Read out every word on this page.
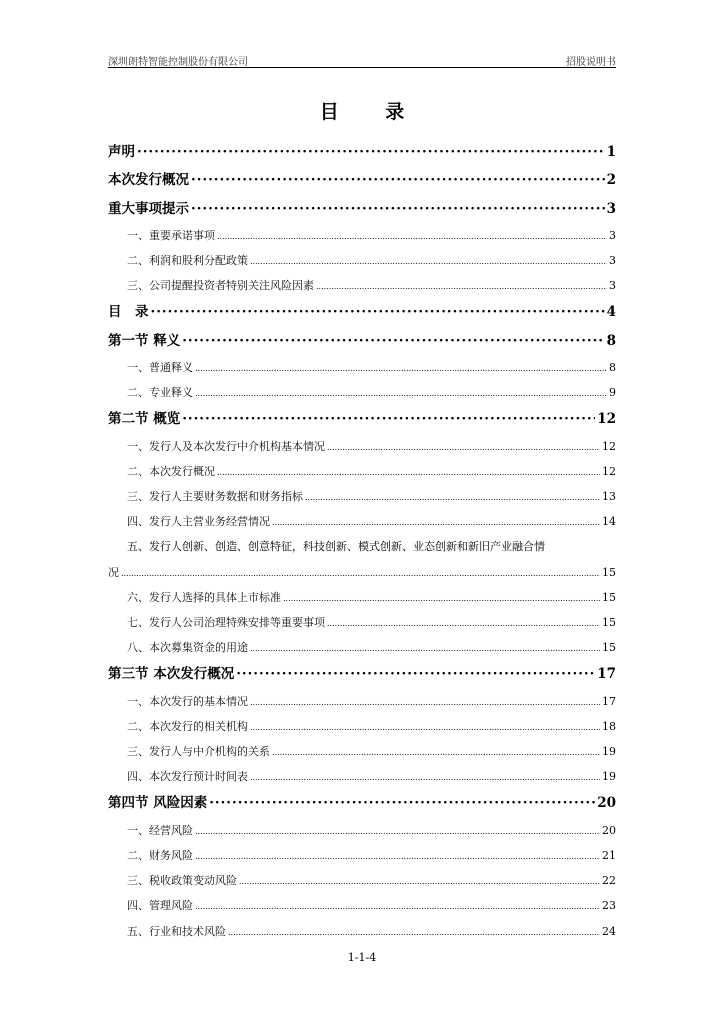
深圳朗特智能控制股份有限公司	招股说明书
目 录
声明 ·····	1
本次发行概况 ·····	2
重大事项提示 ·····	3
一、重要承诺事项 .....	3
二、利润和股利分配政策 .....	3
三、公司提醒投资者特别关注风险因素 .....	3
目　录 ·····	4
第一节 释义 ·····	8
一、普通释义 .....	8
二、专业释义 .....	9
第二节 概览 ·····	12
一、发行人及本次发行中介机构基本情况 .....	12
二、本次发行概况 .....	12
三、发行人主要财务数据和财务指标 .....	13
四、发行人主营业务经营情况 .....	14
五、发行人创新、创造、创意特征，科技创新、模式创新、业态创新和新旧产业融合情
况 .....	15
六、发行人选择的具体上市标准 .....	15
七、发行人公司治理特殊安排等重要事项 .....	15
八、本次募集资金的用途 .....	15
第三节 本次发行概况 ·····	17
一、本次发行的基本情况 .....	17
二、本次发行的相关机构 .....	18
三、发行人与中介机构的关系 .....	19
四、本次发行预计时间表 .....	19
第四节 风险因素 ·····	20
一、经营风险 .....	20
二、财务风险 .....	21
三、税收政策变动风险 .....	22
四、管理风险 .....	23
五、行业和技术风险 .....	24
1-1-4
